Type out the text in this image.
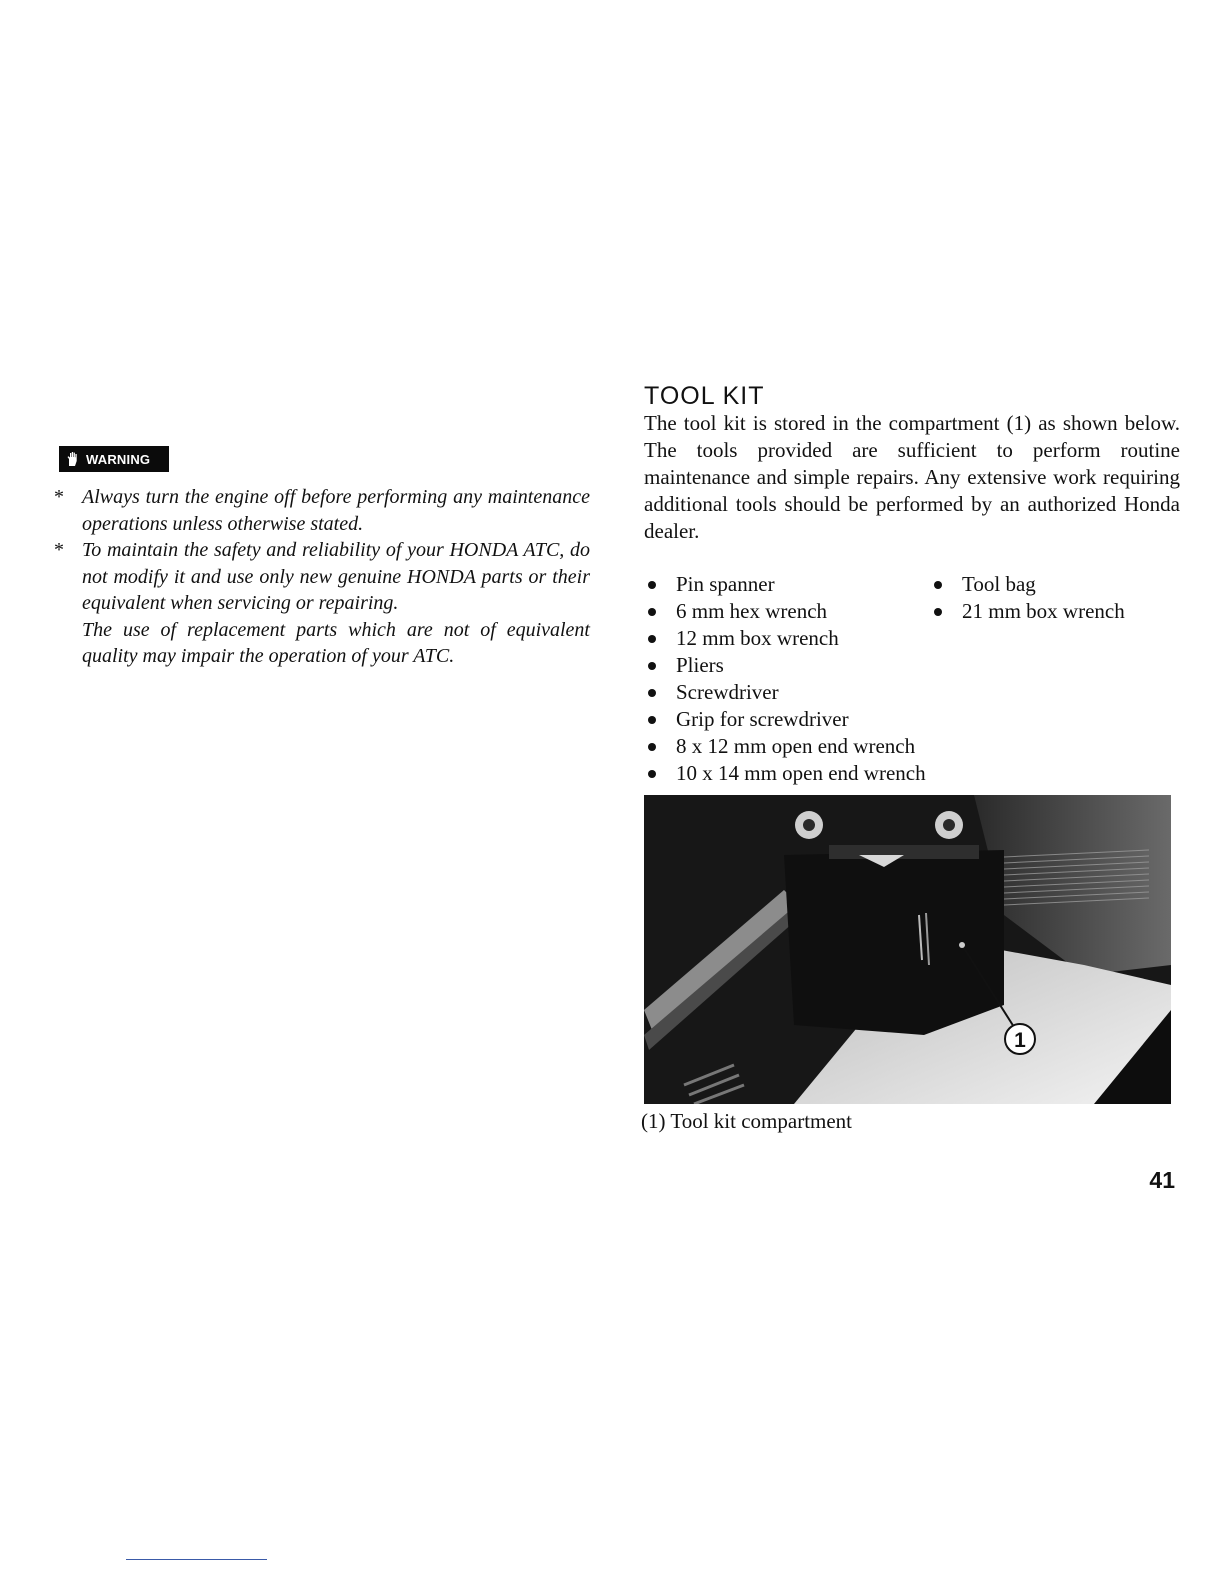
WARNING
* Always turn the engine off before performing any maintenance operations unless otherwise stated.

* To maintain the safety and reliability of your HONDA ATC, do not modify it and use only new genuine HONDA parts or their equivalent when servicing or repairing.

The use of replacement parts which are not of equivalent quality may impair the operation of your ATC.

TOOL KIT

The tool kit is stored in the compartment (1) as shown below. The tools provided are sufficient to perform routine maintenance and simple repairs. Any extensive work requiring additional tools should be performed by an authorized Honda dealer.

Pin spanner
6 mm hex wrench
12 mm box wrench
Pliers
Screwdriver
Grip for screwdriver
8 x 12 mm open end wrench
10 x 14 mm open end wrench
Tool bag
21 mm box wrench
1

(1) Tool kit compartment

41
